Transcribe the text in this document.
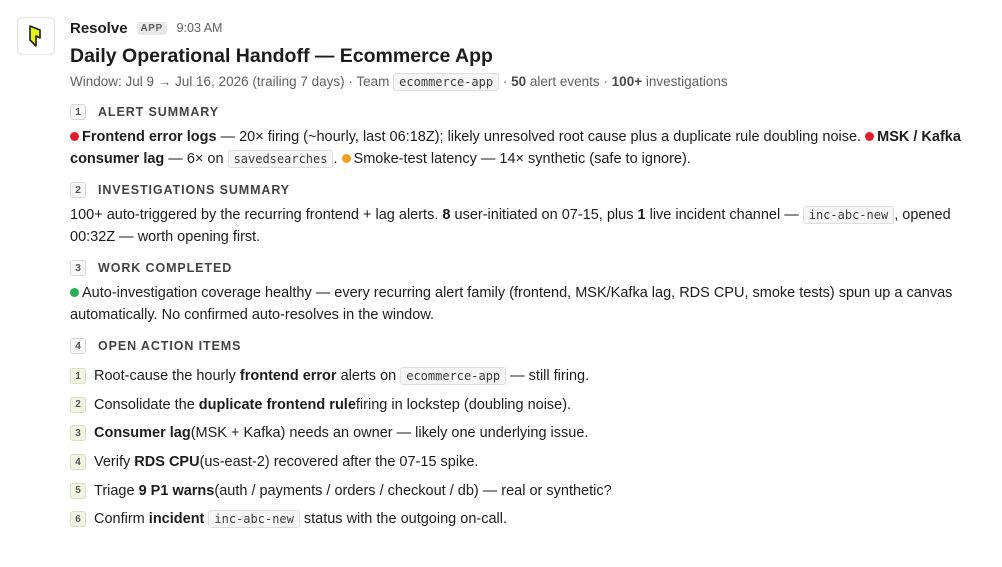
Resolve	APP	9:03 AM
Daily Operational Handoff — Ecommerce App
Window: Jul 9 → Jul 16, 2026 (trailing 7 days) · Team ecommerce-app · 50 alert events · 100+ investigations
1	ALERT SUMMARY
Frontend error logs — 20× firing (~hourly, last 06:18Z); likely unresolved root cause plus a duplicate rule doubling noise. MSK / Kafka consumer lag — 6× on savedsearches . Smoke-test latency — 14× synthetic (safe to ignore).
2	INVESTIGATIONS SUMMARY
100+ auto-triggered by the recurring frontend + lag alerts. 8 user-initiated on 07-15, plus 1 live incident channel — inc-abc-new , opened 00:32Z — worth opening first.
3	WORK COMPLETED
Auto-investigation coverage healthy — every recurring alert family (frontend, MSK/Kafka lag, RDS CPU, smoke tests) spun up a canvas automatically. No confirmed auto-resolves in the window.
4	OPEN ACTION ITEMS
1 Root-cause the hourly
frontend error
alerts on ecommerce-app — still firing.
2 Consolidate the
duplicate frontend rule firing in lockstep (doubling noise).
3 Consumer lag (MSK + Kafka) needs an owner — likely one underlying issue.
4 Verify
RDS CPU (us-east-2) recovered after the 07-15 spike.
5 Triage
9 P1 warns (auth / payments / orders / checkout / db) — real or synthetic?
6 Confirm
incident inc-abc-new status with the outgoing on-call.
